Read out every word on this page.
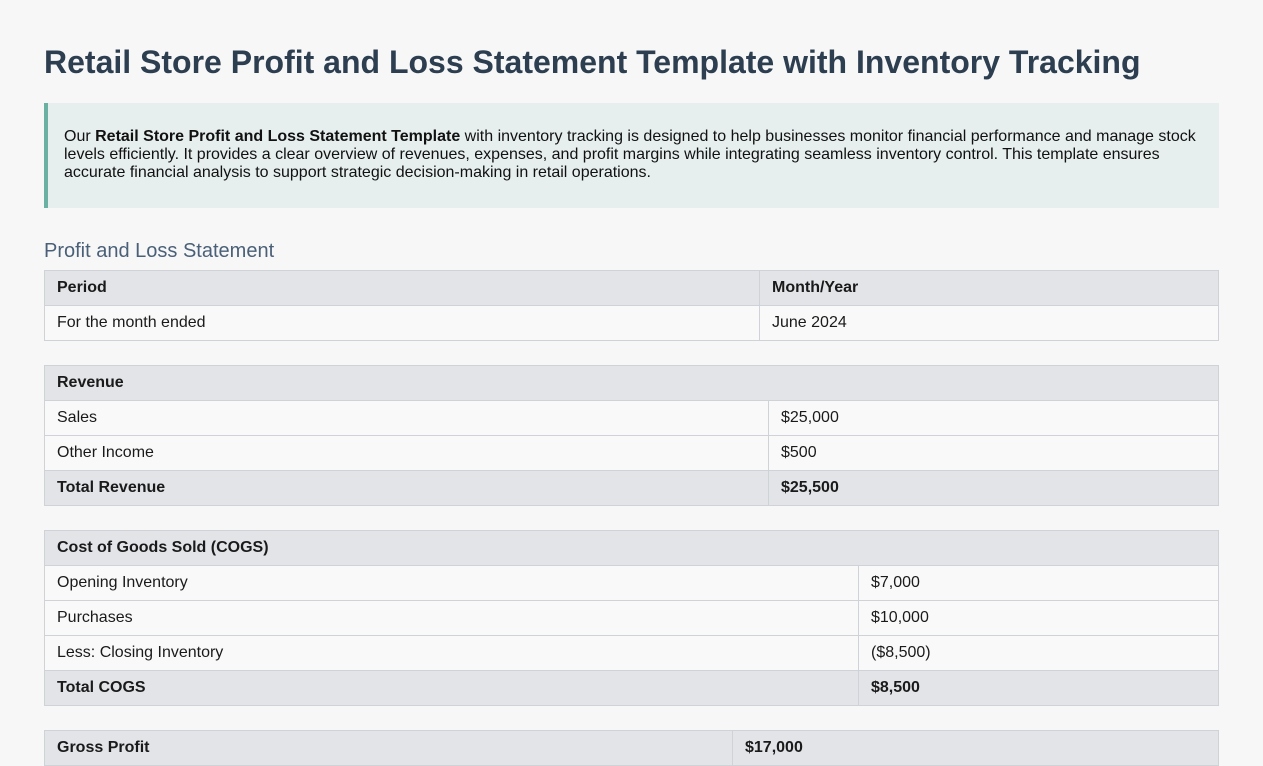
Retail Store Profit and Loss Statement Template with Inventory Tracking
Our Retail Store Profit and Loss Statement Template with inventory tracking is designed to help businesses monitor financial performance and manage stock levels efficiently. It provides a clear overview of revenues, expenses, and profit margins while integrating seamless inventory control. This template ensures accurate financial analysis to support strategic decision-making in retail operations.
Profit and Loss Statement
Period	Month/Year
For the month ended	June 2024
Revenue	
Sales	$25,000
Other Income	$500
Total Revenue	$25,500
Cost of Goods Sold (COGS)	
Opening Inventory	$7,000
Purchases	$10,000
Less: Closing Inventory	($8,500)
Total COGS	$8,500
Gross Profit	$17,000
